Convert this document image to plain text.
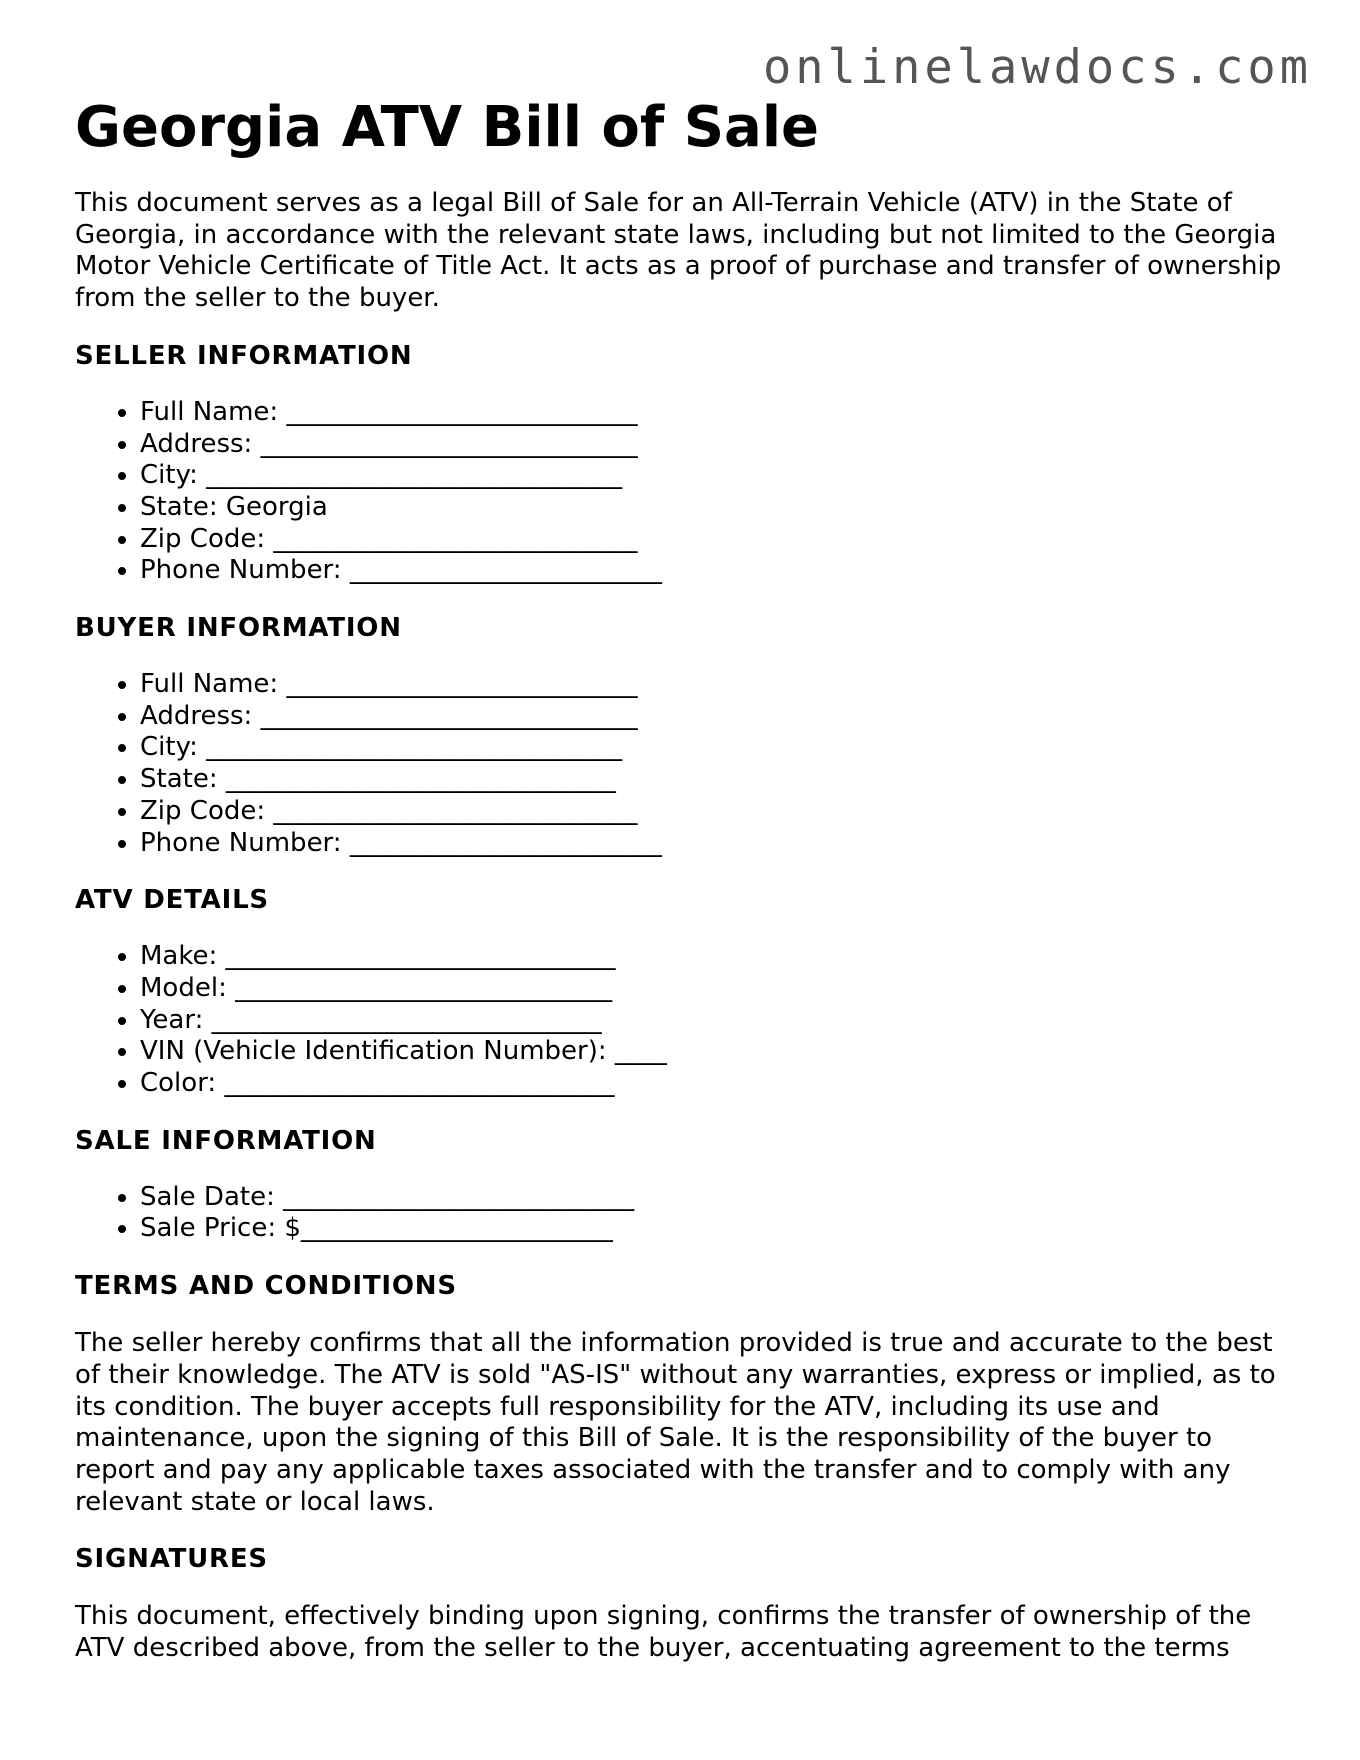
onlinelawdocs.com
Georgia ATV Bill of Sale

This document serves as a legal Bill of Sale for an All-Terrain Vehicle (ATV) in the State of Georgia, in accordance with the relevant state laws, including but not limited to the Georgia Motor Vehicle Certificate of Title Act. It acts as a proof of purchase and transfer of ownership from the seller to the buyer.

SELLER INFORMATION
• Full Name: ___________________________
• Address: _____________________________
• City: ________________________________
• State: Georgia
• Zip Code: ____________________________
• Phone Number: ________________________
BUYER INFORMATION
• Full Name: ___________________________
• Address: _____________________________
• City: ________________________________
• State: ______________________________
• Zip Code: ____________________________
• Phone Number: ________________________
ATV DETAILS
• Make: ______________________________
• Model: _____________________________
• Year: ______________________________
• VIN (Vehicle Identification Number): ____
• Color: ______________________________
SALE INFORMATION
• Sale Date: ___________________________
• Sale Price: $________________________
TERMS AND CONDITIONS

The seller hereby confirms that all the information provided is true and accurate to the best of their knowledge. The ATV is sold "AS-IS" without any warranties, express or implied, as to its condition. The buyer accepts full responsibility for the ATV, including its use and maintenance, upon the signing of this Bill of Sale. It is the responsibility of the buyer to report and pay any applicable taxes associated with the transfer and to comply with any relevant state or local laws.

SIGNATURES

This document, effectively binding upon signing, confirms the transfer of ownership of the ATV described above, from the seller to the buyer, accentuating agreement to the terms
